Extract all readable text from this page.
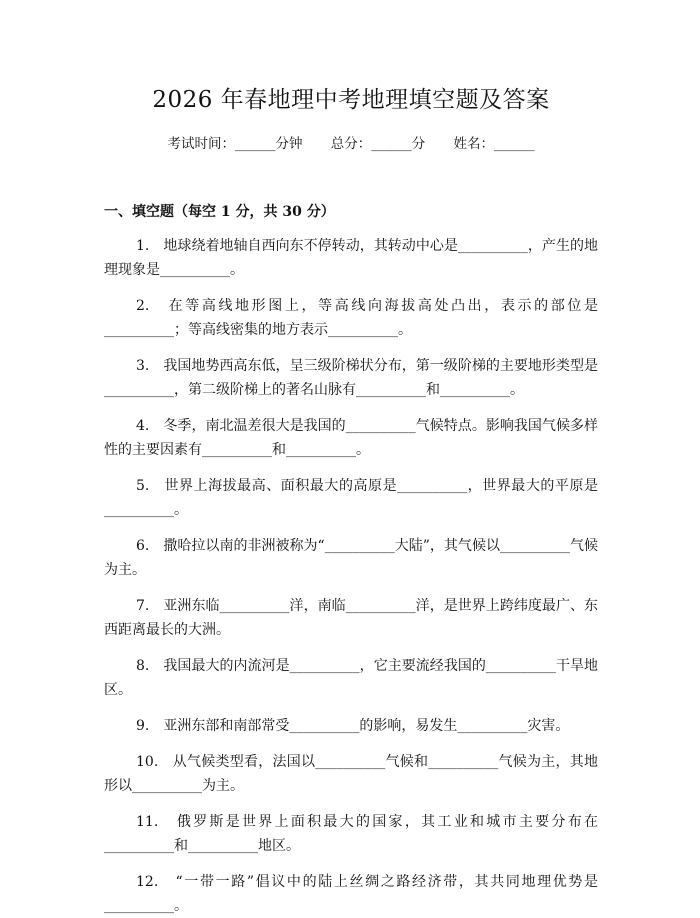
2026 年春地理中考地理填空题及答案
考试时间：______分钟 总分：______分 姓名：______
一、填空题（每空 1 分，共 30 分）

1.　地球绕着地轴自西向东不停转动，其转动中心是__________，产生的地理现象是__________。

2.　在等高线地形图上，等高线向海拔高处凸出，表示的部位是__________；等高线密集的地方表示__________。

3.　我国地势西高东低，呈三级阶梯状分布，第一级阶梯的主要地形类型是__________，第二级阶梯上的著名山脉有__________和__________。

4.　冬季，南北温差很大是我国的__________气候特点。影响我国气候多样性的主要因素有__________和__________。

5.　世界上海拔最高、面积最大的高原是__________，世界最大的平原是__________。

6.　撒哈拉以南的非洲被称为“__________大陆”，其气候以__________气候为主。

7.　亚洲东临__________洋，南临__________洋，是世界上跨纬度最广、东西距离最长的大洲。

8.　我国最大的内流河是__________，它主要流经我国的__________干旱地区。

9.　亚洲东部和南部常受__________的影响，易发生__________灾害。

10.　从气候类型看，法国以__________气候和__________气候为主，其地形以__________为主。

11.　俄罗斯是世界上面积最大的国家，其工业和城市主要分布在__________和__________地区。

12.　“一带一路”倡议中的陆上丝绸之路经济带，其共同地理优势是__________。
